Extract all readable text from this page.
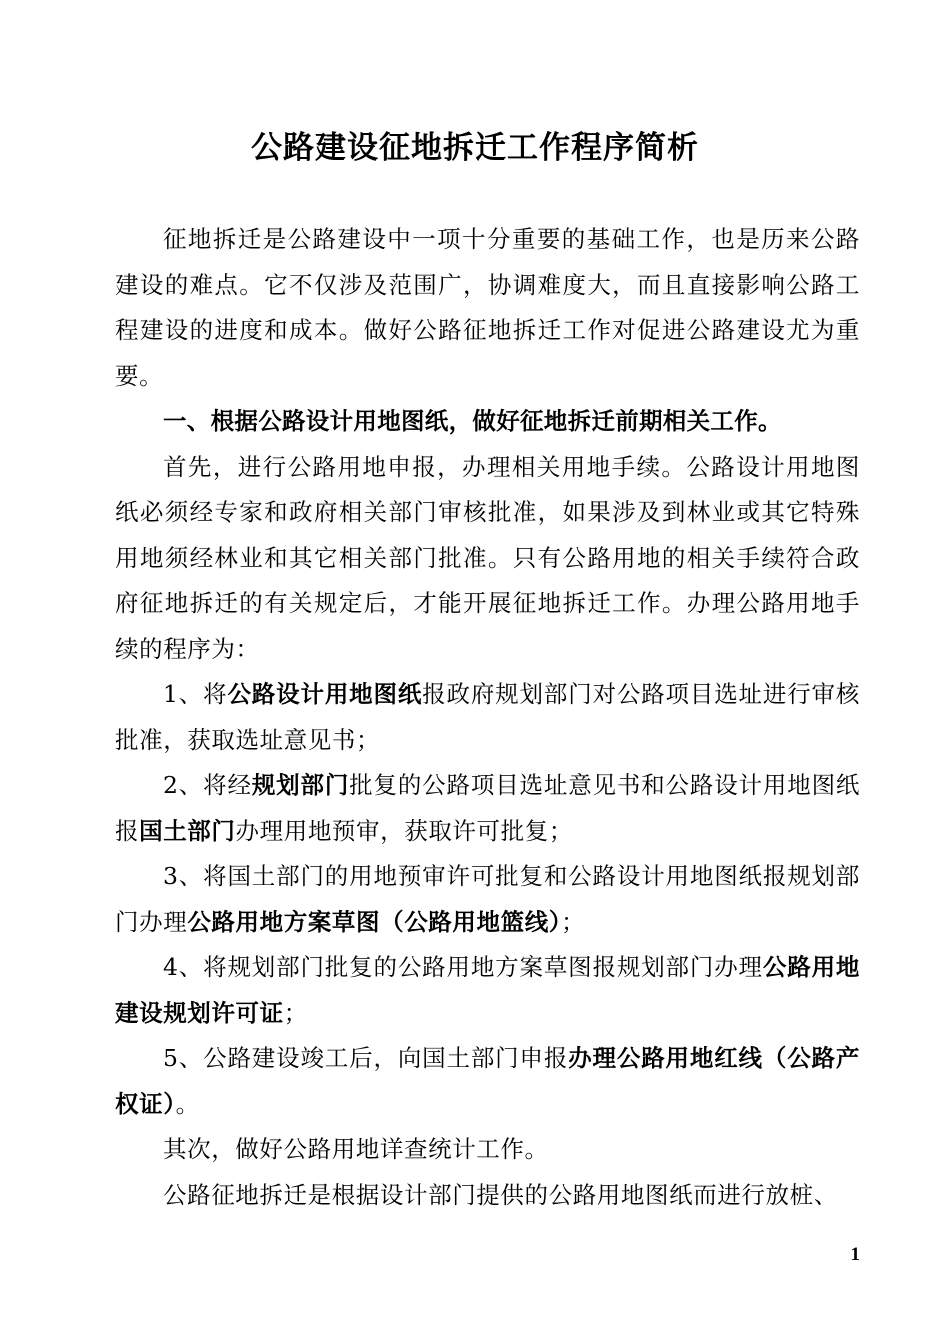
公路建设征地拆迁工作程序简析

征地拆迁是公路建设中一项十分重要的基础工作，也是历来公路建设的难点。它不仅涉及范围广，协调难度大，而且直接影响公路工程建设的进度和成本。做好公路征地拆迁工作对促进公路建设尤为重要。

一、根据公路设计用地图纸，做好征地拆迁前期相关工作。

首先，进行公路用地申报，办理相关用地手续。公路设计用地图纸必须经专家和政府相关部门审核批准，如果涉及到林业或其它特殊用地须经林业和其它相关部门批准。只有公路用地的相关手续符合政府征地拆迁的有关规定后，才能开展征地拆迁工作。办理公路用地手续的程序为：

1、将公路设计用地图纸报政府规划部门对公路项目选址进行审核批准，获取选址意见书；

2、将经规划部门批复的公路项目选址意见书和公路设计用地图纸报国土部门办理用地预审，获取许可批复；

3、将国土部门的用地预审许可批复和公路设计用地图纸报规划部门办理公路用地方案草图（公路用地篮线）；

4、将规划部门批复的公路用地方案草图报规划部门办理公路用地建设规划许可证；

5、公路建设竣工后，向国土部门申报办理公路用地红线（公路产权证）。

其次，做好公路用地详查统计工作。

公路征地拆迁是根据设计部门提供的公路用地图纸而进行放桩、

1
